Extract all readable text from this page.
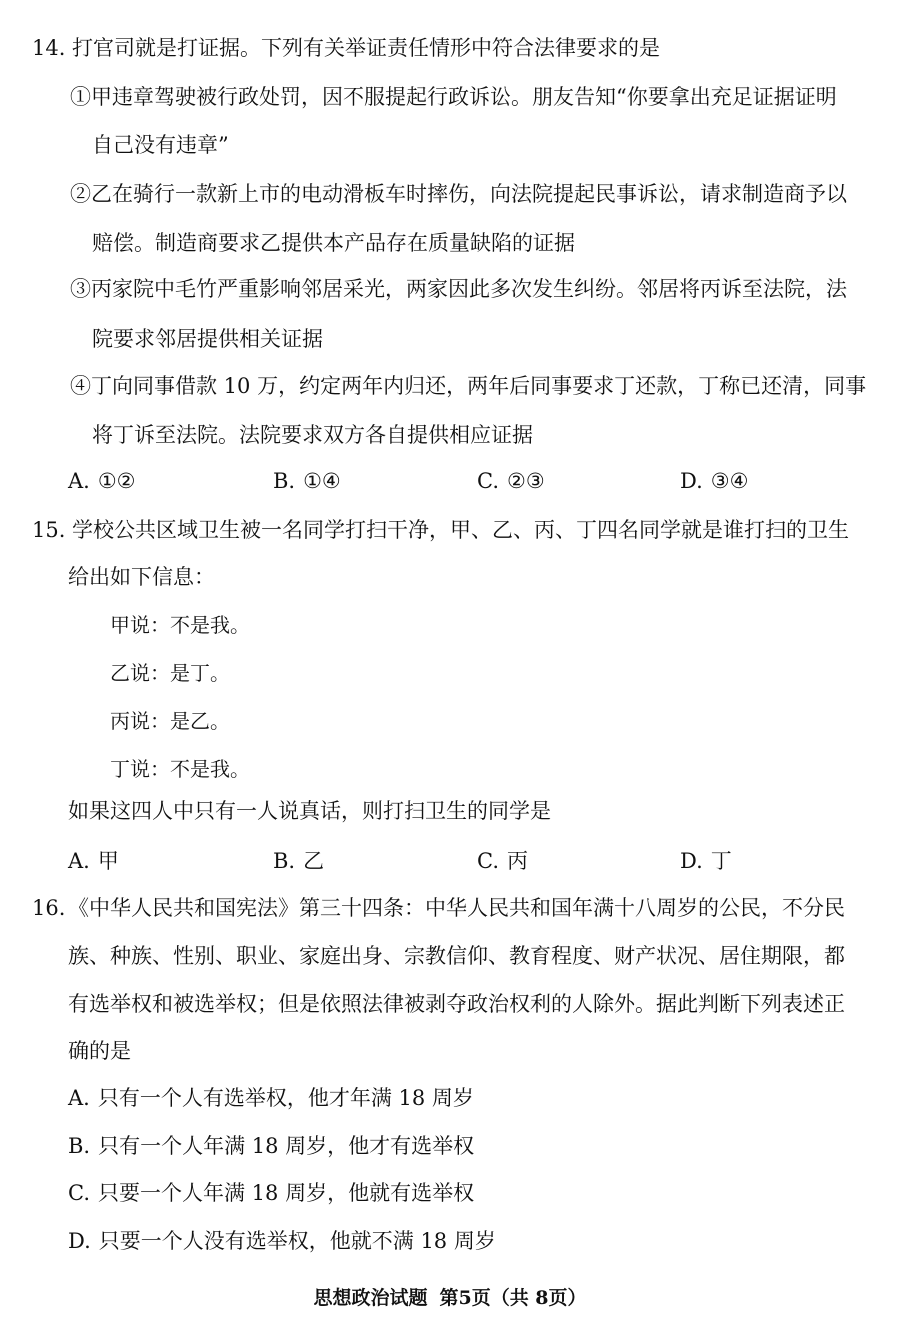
14. 打官司就是打证据。下列有关举证责任情形中符合法律要求的是
①甲违章驾驶被行政处罚，因不服提起行政诉讼。朋友告知“你要拿出充足证据证明
自己没有违章”
②乙在骑行一款新上市的电动滑板车时摔伤，向法院提起民事诉讼，请求制造商予以
赔偿。制造商要求乙提供本产品存在质量缺陷的证据
③丙家院中毛竹严重影响邻居采光，两家因此多次发生纠纷。邻居将丙诉至法院，法
院要求邻居提供相关证据
④丁向同事借款 10 万，约定两年内归还，两年后同事要求丁还款，丁称已还清，同事
将丁诉至法院。法院要求双方各自提供相应证据
A. ①②	B. ①④	C. ②③	D. ③④
15. 学校公共区域卫生被一名同学打扫干净，甲、乙、丙、丁四名同学就是谁打扫的卫生
给出如下信息：
甲说：不是我。
乙说：是丁。
丙说：是乙。
丁说：不是我。
如果这四人中只有一人说真话，则打扫卫生的同学是
A. 甲	B. 乙	C. 丙	D. 丁
16. 《中华人民共和国宪法》第三十四条：中华人民共和国年满十八周岁的公民，不分民
族、种族、性别、职业、家庭出身、宗教信仰、教育程度、财产状况、居住期限，都
有选举权和被选举权；但是依照法律被剥夺政治权利的人除外。据此判断下列表述正
确的是
A. 只有一个人有选举权，他才年满 18 周岁
B. 只有一个人年满 18 周岁，他才有选举权
C. 只要一个人年满 18 周岁，他就有选举权
D. 只要一个人没有选举权，他就不满 18 周岁
思想政治试题 第5页（共 8页）
